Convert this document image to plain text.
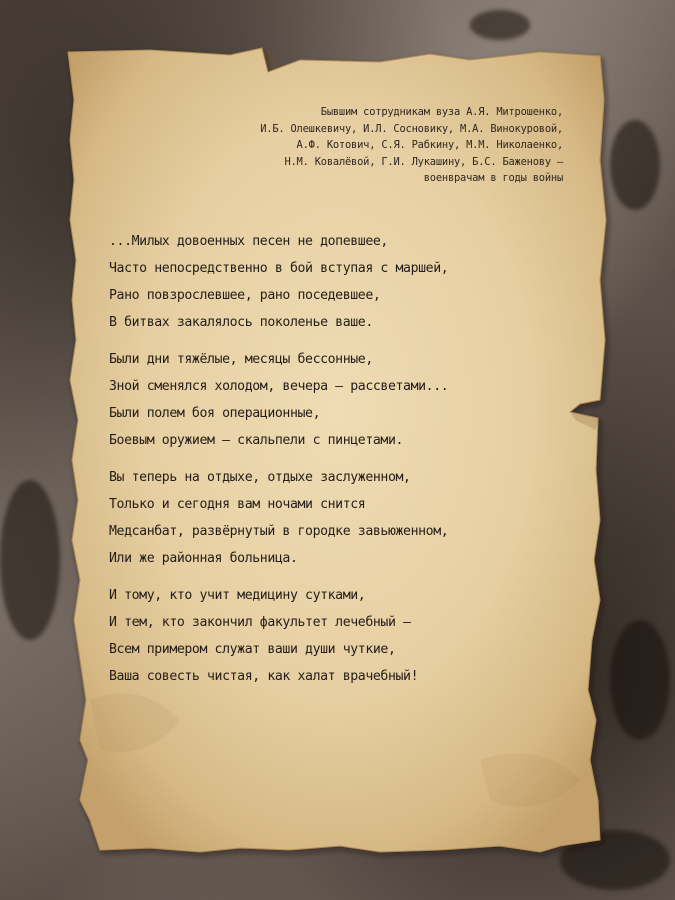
Бывшим сотрудникам вуза А.Я. Митрошенко,
И.Б. Олешкевичу, И.Л. Сосновику, М.А. Винокуровой,
А.Ф. Котович, С.Я. Рабкину, М.М. Николаенко,
Н.М. Ковалёвой, Г.И. Лукашину, Б.С. Баженову –
военврачам в годы войны
...Милых довоенных песен не допевшее,
Часто непосредственно в бой вступая с маршей,
Рано повзрослевшее, рано поседевшее,
В битвах закалялось поколенье ваше.
Были дни тяжёлые, месяцы бессонные,
Зной сменялся холодом, вечера – рассветами...
Были полем боя операционные,
Боевым оружием – скальпели с пинцетами.
Вы теперь на отдыхе, отдыхе заслуженном,
Только и сегодня вам ночами снится
Медсанбат, развёрнутый в городке завьюженном,
Или же районная больница.
И тому, кто учит медицину сутками,
И тем, кто закончил факультет лечебный –
Всем примером служат ваши души чуткие,
Ваша совесть чистая, как халат врачебный!
